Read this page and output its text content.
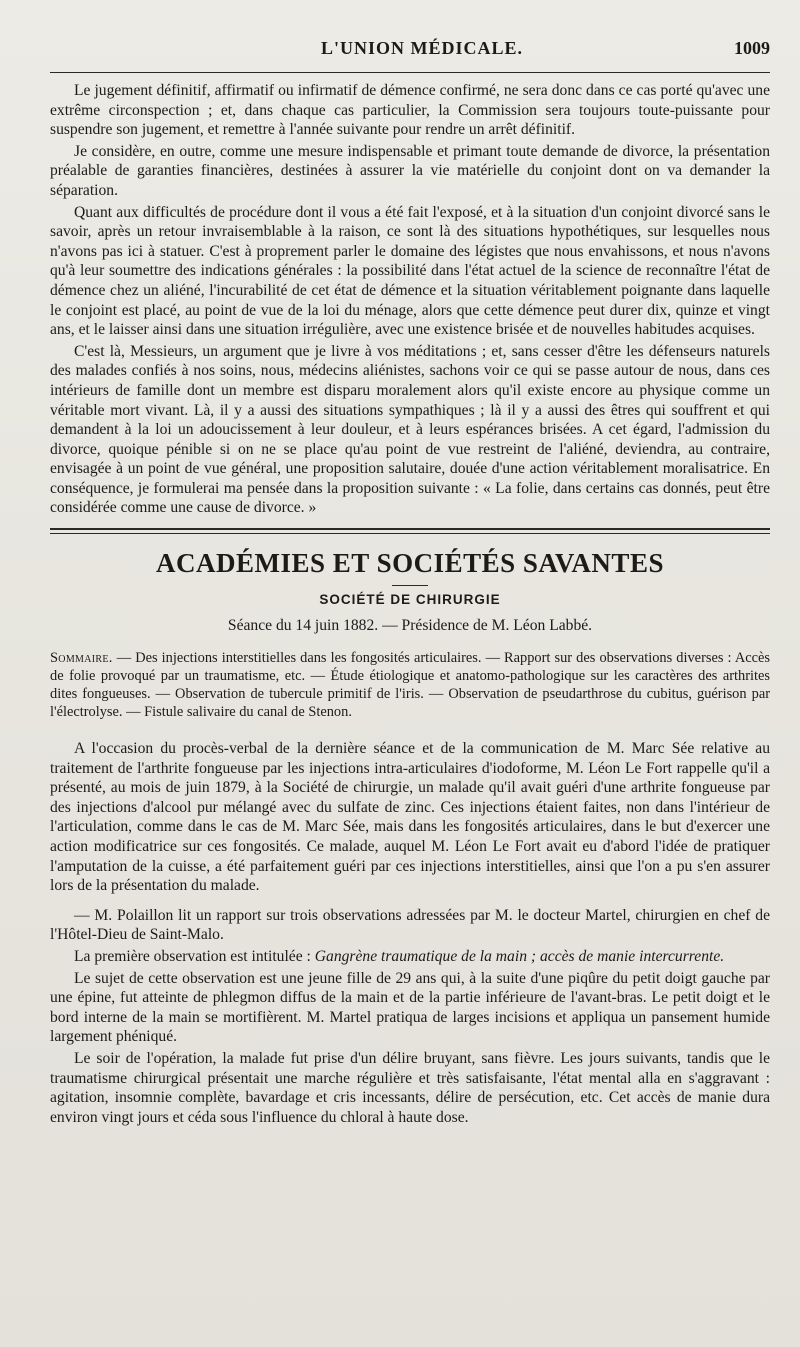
L'UNION MÉDICALE.	1009

Le jugement définitif, affirmatif ou infirmatif de démence confirmé, ne sera donc dans ce cas porté qu'avec une extrême circonspection ; et, dans chaque cas particulier, la Commission sera toujours toute-puissante pour suspendre son jugement, et remettre à l'année suivante pour rendre un arrêt définitif.

Je considère, en outre, comme une mesure indispensable et primant toute demande de divorce, la présentation préalable de garanties financières, destinées à assurer la vie matérielle du conjoint dont on va demander la séparation.

Quant aux difficultés de procédure dont il vous a été fait l'exposé, et à la situation d'un conjoint divorcé sans le savoir, après un retour invraisemblable à la raison, ce sont là des situations hypothétiques, sur lesquelles nous n'avons pas ici à statuer. C'est à proprement parler le domaine des légistes que nous envahissons, et nous n'avons qu'à leur soumettre des indications générales : la possibilité dans l'état actuel de la science de reconnaître l'état de démence chez un aliéné, l'incurabilité de cet état de démence et la situation véritablement poignante dans laquelle le conjoint est placé, au point de vue de la loi du ménage, alors que cette démence peut durer dix, quinze et vingt ans, et le laisser ainsi dans une situation irrégulière, avec une existence brisée et de nouvelles habitudes acquises.

C'est là, Messieurs, un argument que je livre à vos méditations ; et, sans cesser d'être les défenseurs naturels des malades confiés à nos soins, nous, médecins aliénistes, sachons voir ce qui se passe autour de nous, dans ces intérieurs de famille dont un membre est disparu moralement alors qu'il existe encore au physique comme un véritable mort vivant. Là, il y a aussi des situations sympathiques ; là il y a aussi des êtres qui souffrent et qui demandent à la loi un adoucissement à leur douleur, et à leurs espérances brisées. A cet égard, l'admission du divorce, quoique pénible si on ne se place qu'au point de vue restreint de l'aliéné, deviendra, au contraire, envisagée à un point de vue général, une proposition salutaire, douée d'une action véritablement moralisatrice. En conséquence, je formulerai ma pensée dans la proposition suivante : « La folie, dans certains cas donnés, peut être considérée comme une cause de divorce. »

ACADÉMIES ET SOCIÉTÉS SAVANTES
SOCIÉTÉ DE CHIRURGIE
Séance du 14 juin 1882. — Présidence de M. Léon Labbé.

Sommaire. — Des injections interstitielles dans les fongosités articulaires. — Rapport sur des observations diverses : Accès de folie provoqué par un traumatisme, etc. — Étude étiologique et anatomo-pathologique sur les caractères des arthrites dites fongueuses. — Observation de tubercule primitif de l'iris. — Observation de pseudarthrose du cubitus, guérison par l'électrolyse. — Fistule salivaire du canal de Stenon.

A l'occasion du procès-verbal de la dernière séance et de la communication de M. Marc Sée relative au traitement de l'arthrite fongueuse par les injections intra-articulaires d'iodoforme, M. Léon Le Fort rappelle qu'il a présenté, au mois de juin 1879, à la Société de chirurgie, un malade qu'il avait guéri d'une arthrite fongueuse par des injections d'alcool pur mélangé avec du sulfate de zinc. Ces injections étaient faites, non dans l'intérieur de l'articulation, comme dans le cas de M. Marc Sée, mais dans les fongosités articulaires, dans le but d'exercer une action modificatrice sur ces fongosités. Ce malade, auquel M. Léon Le Fort avait eu d'abord l'idée de pratiquer l'amputation de la cuisse, a été parfaitement guéri par ces injections interstitielles, ainsi que l'on a pu s'en assurer lors de la présentation du malade.

— M. Polaillon lit un rapport sur trois observations adressées par M. le docteur Martel, chirurgien en chef de l'Hôtel-Dieu de Saint-Malo.

La première observation est intitulée : Gangrène traumatique de la main ; accès de manie intercurrente.

Le sujet de cette observation est une jeune fille de 29 ans qui, à la suite d'une piqûre du petit doigt gauche par une épine, fut atteinte de phlegmon diffus de la main et de la partie inférieure de l'avant-bras. Le petit doigt et le bord interne de la main se mortifièrent. M. Martel pratiqua de larges incisions et appliqua un pansement humide largement phéniqué.

Le soir de l'opération, la malade fut prise d'un délire bruyant, sans fièvre. Les jours suivants, tandis que le traumatisme chirurgical présentait une marche régulière et très satisfaisante, l'état mental alla en s'aggravant : agitation, insomnie complète, bavardage et cris incessants, délire de persécution, etc. Cet accès de manie dura environ vingt jours et céda sous l'influence du chloral à haute dose.
